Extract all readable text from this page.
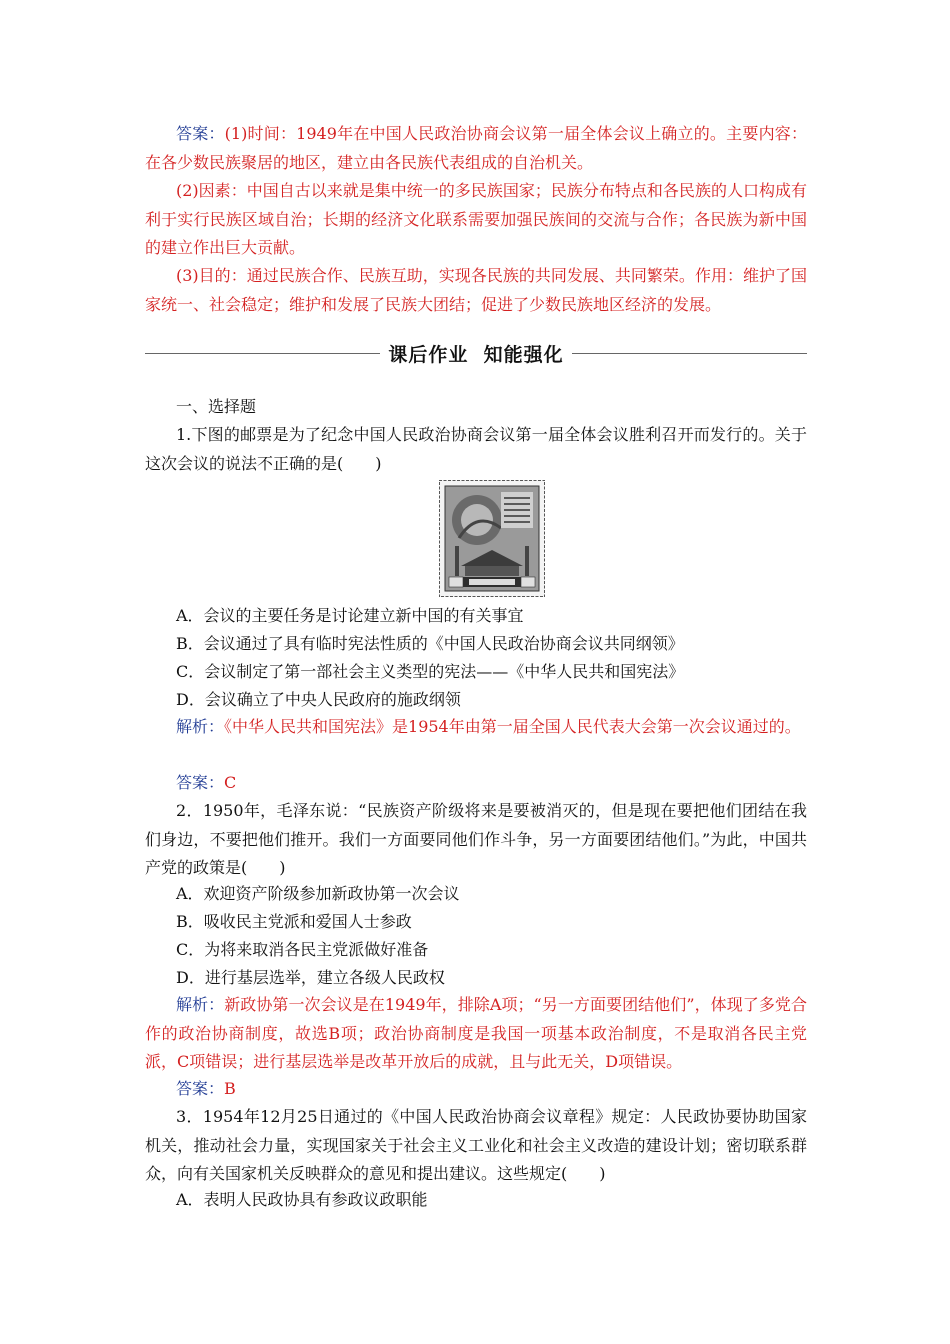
答案：(1)时间：1949年在中国人民政治协商会议第一届全体会议上确立的。主要内容：在各少数民族聚居的地区，建立由各民族代表组成的自治机关。

(2)因素：中国自古以来就是集中统一的多民族国家；民族分布特点和各民族的人口构成有利于实行民族区域自治；长期的经济文化联系需要加强民族间的交流与合作；各民族为新中国的建立作出巨大贡献。

(3)目的：通过民族合作、民族互助，实现各民族的共同发展、共同繁荣。作用：维护了国家统一、社会稳定；维护和发展了民族大团结；促进了少数民族地区经济的发展。

课后作业  知能强化

一、选择题

1.下图的邮票是为了纪念中国人民政治协商会议第一届全体会议胜利召开而发行的。关于这次会议的说法不正确的是(　　)

A．会议的主要任务是讨论建立新中国的有关事宜

B．会议通过了具有临时宪法性质的《中国人民政治协商会议共同纲领》

C．会议制定了第一部社会主义类型的宪法——《中华人民共和国宪法》

D．会议确立了中央人民政府的施政纲领

解析：《中华人民共和国宪法》是1954年由第一届全国人民代表大会第一次会议通过的。

答案：C

2．1950年，毛泽东说：“民族资产阶级将来是要被消灭的，但是现在要把他们团结在我们身边，不要把他们推开。我们一方面要同他们作斗争，另一方面要团结他们。”为此，中国共产党的政策是(　　)

A．欢迎资产阶级参加新政协第一次会议

B．吸收民主党派和爱国人士参政

C．为将来取消各民主党派做好准备

D．进行基层选举，建立各级人民政权

解析：新政协第一次会议是在1949年，排除A项；“另一方面要团结他们”，体现了多党合作的政治协商制度，故选B项；政治协商制度是我国一项基本政治制度，不是取消各民主党派，C项错误；进行基层选举是改革开放后的成就，且与此无关，D项错误。

答案：B

3．1954年12月25日通过的《中国人民政治协商会议章程》规定：人民政协要协助国家机关，推动社会力量，实现国家关于社会主义工业化和社会主义改造的建设计划；密切联系群众，向有关国家机关反映群众的意见和提出建议。这些规定(　　)

A．表明人民政协具有参政议政职能
